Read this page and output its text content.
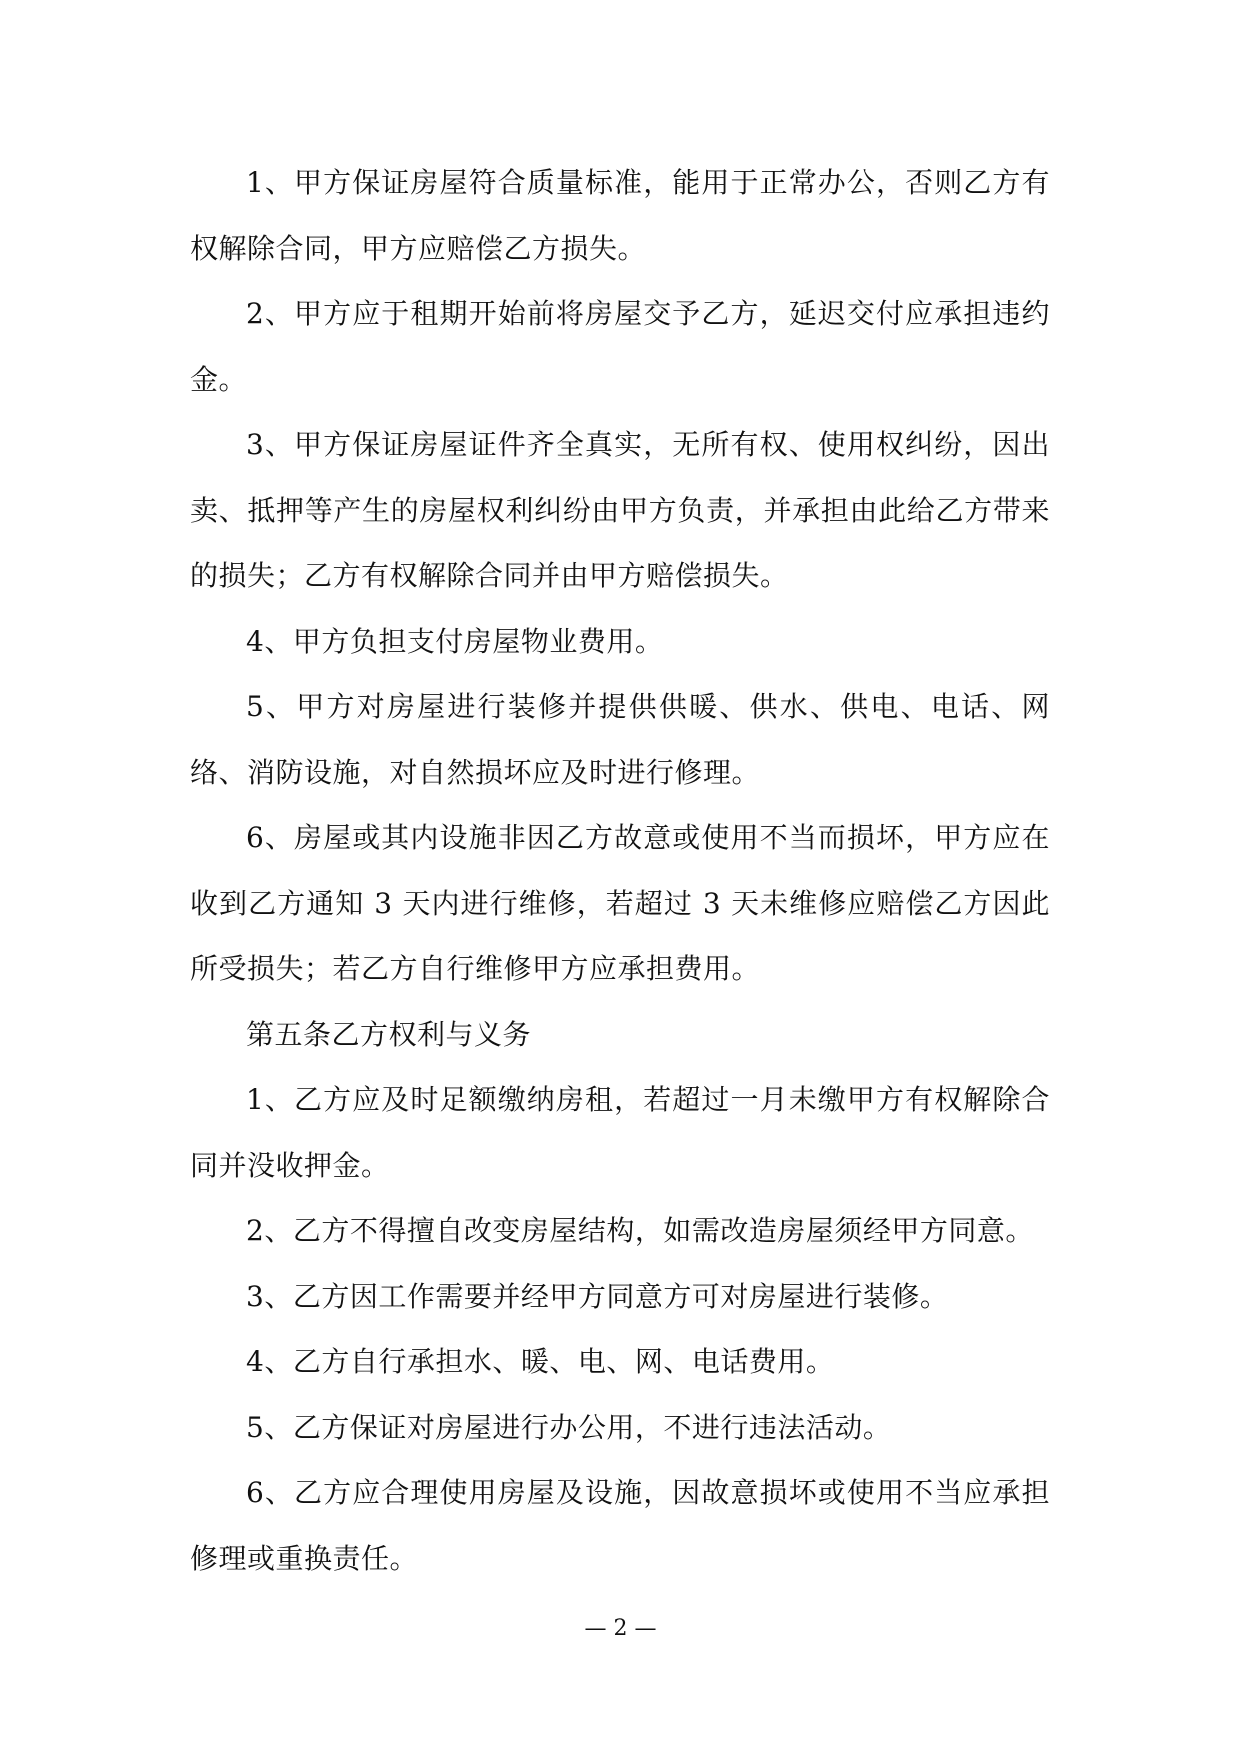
1、甲方保证房屋符合质量标准，能用于正常办公，否则乙方有权解除合同，甲方应赔偿乙方损失。

2、甲方应于租期开始前将房屋交予乙方，延迟交付应承担违约金。

3、甲方保证房屋证件齐全真实，无所有权、使用权纠纷，因出卖、抵押等产生的房屋权利纠纷由甲方负责，并承担由此给乙方带来的损失；乙方有权解除合同并由甲方赔偿损失。

4、甲方负担支付房屋物业费用。

5、甲方对房屋进行装修并提供供暖、供水、供电、电话、网络、消防设施，对自然损坏应及时进行修理。

6、房屋或其内设施非因乙方故意或使用不当而损坏，甲方应在收到乙方通知 3 天内进行维修，若超过 3 天未维修应赔偿乙方因此所受损失；若乙方自行维修甲方应承担费用。

第五条乙方权利与义务

1、乙方应及时足额缴纳房租，若超过一月未缴甲方有权解除合同并没收押金。

2、乙方不得擅自改变房屋结构，如需改造房屋须经甲方同意。

3、乙方因工作需要并经甲方同意方可对房屋进行装修。

4、乙方自行承担水、暖、电、网、电话费用。

5、乙方保证对房屋进行办公用，不进行违法活动。

6、乙方应合理使用房屋及设施，因故意损坏或使用不当应承担修理或重换责任。

— 2 —
